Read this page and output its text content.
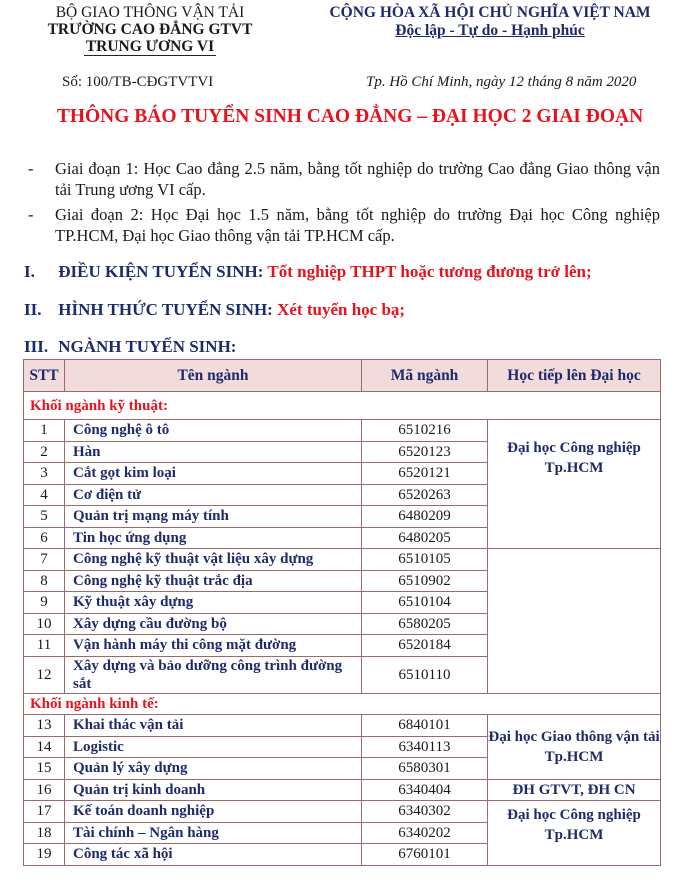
BỘ GIAO THÔNG VẬN TẢI
TRƯỜNG CAO ĐẲNG GTVT
TRUNG ƯƠNG VI
CỘNG HÒA XÃ HỘI CHỦ NGHĨA VIỆT NAM
Độc lập - Tự do - Hạnh phúc
Số: 100/TB-CĐGTVTVI	Tp. Hồ Chí Minh, ngày 12 tháng 8 năm 2020
THÔNG BÁO TUYỂN SINH CAO ĐẲNG – ĐẠI HỌC 2 GIAI ĐOẠN
- Giai đoạn 1: Học Cao đẳng 2.5 năm, bằng tốt nghiệp do trường Cao đẳng Giao thông vận tải Trung ương VI cấp.
- Giai đoạn 2: Học Đại học 1.5 năm, bằng tốt nghiệp do trường Đại học Công nghiệp TP.HCM, Đại học Giao thông vận tải TP.HCM cấp.
I. ĐIỀU KIỆN TUYỂN SINH: Tốt nghiệp THPT hoặc tương đương trở lên;
II. HÌNH THỨC TUYỂN SINH: Xét tuyển học bạ;
III. NGÀNH TUYỂN SINH:
STT	Tên ngành	Mã ngành	Học tiếp lên Đại học
Khối ngành kỹ thuật:			
1	Công nghệ ô tô	6510216	Đại học Công nghiệp Tp.HCM
2	Hàn	6520123	
3	Cắt gọt kim loại	6520121	
4	Cơ điện tử	6520263	
5	Quản trị mạng máy tính	6480209	
6	Tin học ứng dụng	6480205	
7	Công nghệ kỹ thuật vật liệu xây dựng	6510105	
8	Công nghệ kỹ thuật trắc địa	6510902	
9	Kỹ thuật xây dựng	6510104	
10	Xây dựng cầu đường bộ	6580205	
11	Vận hành máy thi công mặt đường	6520184	
12	Xây dựng và bảo dưỡng công trình đường sắt	6510110	
Khối ngành kinh tế:			
13	Khai thác vận tải	6840101	Đại học Giao thông vận tải Tp.HCM
14	Logistic	6340113	
15	Quản lý xây dựng	6580301	
16	Quản trị kinh doanh	6340404	ĐH GTVT, ĐH CN
17	Kế toán doanh nghiệp	6340302	Đại học Công nghiệp Tp.HCM
18	Tài chính – Ngân hàng	6340202	
19	Công tác xã hội	6760101	
